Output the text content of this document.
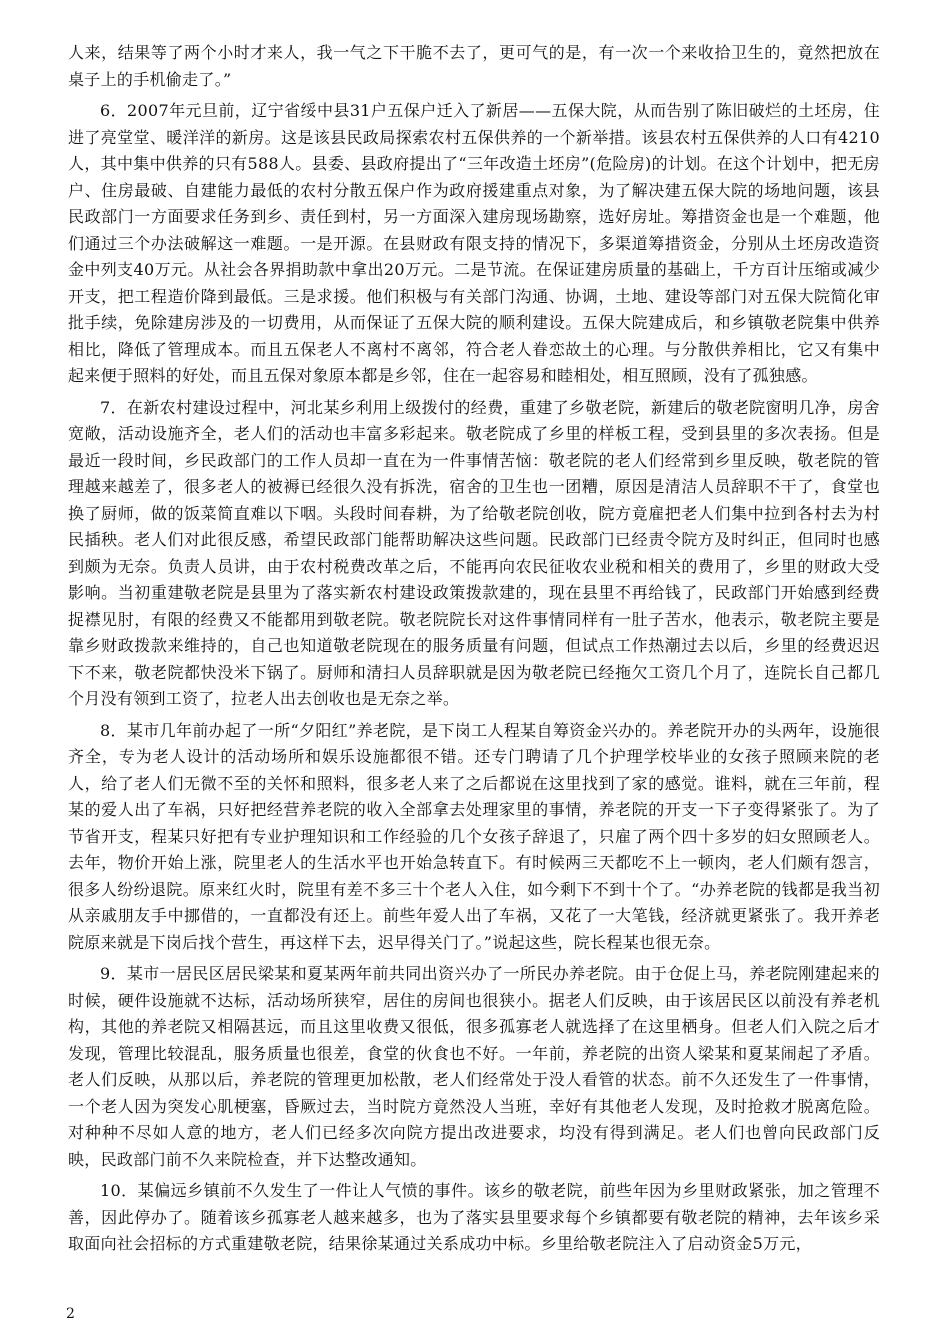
人来，结果等了两个小时才来人，我一气之下干脆不去了，更可气的是，有一次一个来收拾卫生的，竟然把放在桌子上的手机偷走了。”

6．2007年元旦前，辽宁省绥中县31户五保户迁入了新居——五保大院，从而告别了陈旧破烂的土坯房，住进了亮堂堂、暖洋洋的新房。这是该县民政局探索农村五保供养的一个新举措。该县农村五保供养的人口有4210人，其中集中供养的只有588人。县委、县政府提出了“三年改造土坯房”(危险房)的计划。在这个计划中，把无房户、住房最破、自建能力最低的农村分散五保户作为政府援建重点对象，为了解决建五保大院的场地问题，该县民政部门一方面要求任务到乡、责任到村，另一方面深入建房现场勘察，选好房址。筹措资金也是一个难题，他们通过三个办法破解这一难题。一是开源。在县财政有限支持的情况下，多渠道筹措资金，分别从土坯房改造资金中列支40万元。从社会各界捐助款中拿出20万元。二是节流。在保证建房质量的基础上，千方百计压缩或减少开支，把工程造价降到最低。三是求援。他们积极与有关部门沟通、协调，土地、建设等部门对五保大院简化审批手续，免除建房涉及的一切费用，从而保证了五保大院的顺利建设。五保大院建成后，和乡镇敬老院集中供养相比，降低了管理成本。而且五保老人不离村不离邻，符合老人眷恋故土的心理。与分散供养相比，它又有集中起来便于照料的好处，而且五保对象原本都是乡邻，住在一起容易和睦相处，相互照顾，没有了孤独感。

7．在新农村建设过程中，河北某乡利用上级拨付的经费，重建了乡敬老院，新建后的敬老院窗明几净，房舍宽敞，活动设施齐全，老人们的活动也丰富多彩起来。敬老院成了乡里的样板工程，受到县里的多次表扬。但是最近一段时间，乡民政部门的工作人员却一直在为一件事情苦恼：敬老院的老人们经常到乡里反映，敬老院的管理越来越差了，很多老人的被褥已经很久没有拆洗，宿舍的卫生也一团糟，原因是清洁人员辞职不干了，食堂也换了厨师，做的饭菜简直难以下咽。头段时间春耕，为了给敬老院创收，院方竟雇把老人们集中拉到各村去为村民插秧。老人们对此很反感，希望民政部门能帮助解决这些问题。民政部门已经责令院方及时纠正，但同时也感到颇为无奈。负责人员讲，由于农村税费改革之后，不能再向农民征收农业税和相关的费用了，乡里的财政大受影响。当初重建敬老院是县里为了落实新农村建设政策拨款建的，现在县里不再给钱了，民政部门开始感到经费捉襟见肘，有限的经费又不能都用到敬老院。敬老院院长对这件事情同样有一肚子苦水，他表示，敬老院主要是靠乡财政拨款来维持的，自己也知道敬老院现在的服务质量有问题，但试点工作热潮过去以后，乡里的经费迟迟下不来，敬老院都快没米下锅了。厨师和清扫人员辞职就是因为敬老院已经拖欠工资几个月了，连院长自己都几个月没有领到工资了，拉老人出去创收也是无奈之举。

8．某市几年前办起了一所“夕阳红”养老院，是下岗工人程某自筹资金兴办的。养老院开办的头两年，设施很齐全，专为老人设计的活动场所和娱乐设施都很不错。还专门聘请了几个护理学校毕业的女孩子照顾来院的老人，给了老人们无微不至的关怀和照料，很多老人来了之后都说在这里找到了家的感觉。谁料，就在三年前，程某的爱人出了车祸，只好把经营养老院的收入全部拿去处理家里的事情，养老院的开支一下子变得紧张了。为了节省开支，程某只好把有专业护理知识和工作经验的几个女孩子辞退了，只雇了两个四十多岁的妇女照顾老人。去年，物价开始上涨，院里老人的生活水平也开始急转直下。有时候两三天都吃不上一顿肉，老人们颇有怨言，很多人纷纷退院。原来红火时，院里有差不多三十个老人入住，如今剩下不到十个了。“办养老院的钱都是我当初从亲戚朋友手中挪借的，一直都没有还上。前些年爱人出了车祸，又花了一大笔钱，经济就更紧张了。我开养老院原来就是下岗后找个营生，再这样下去，迟早得关门了。”说起这些，院长程某也很无奈。

9．某市一居民区居民梁某和夏某两年前共同出资兴办了一所民办养老院。由于仓促上马，养老院刚建起来的时候，硬件设施就不达标，活动场所狭窄，居住的房间也很狭小。据老人们反映，由于该居民区以前没有养老机构，其他的养老院又相隔甚远，而且这里收费又很低，很多孤寡老人就选择了在这里栖身。但老人们入院之后才发现，管理比较混乱，服务质量也很差，食堂的伙食也不好。一年前，养老院的出资人梁某和夏某闹起了矛盾。老人们反映，从那以后，养老院的管理更加松散，老人们经常处于没人看管的状态。前不久还发生了一件事情，一个老人因为突发心肌梗塞，昏厥过去，当时院方竟然没人当班，幸好有其他老人发现，及时抢救才脱离危险。对种种不尽如人意的地方，老人们已经多次向院方提出改进要求，均没有得到满足。老人们也曾向民政部门反映，民政部门前不久来院检查，并下达整改通知。

10．某偏远乡镇前不久发生了一件让人气愤的事件。该乡的敬老院，前些年因为乡里财政紧张，加之管理不善，因此停办了。随着该乡孤寡老人越来越多，也为了落实县里要求每个乡镇都要有敬老院的精神，去年该乡采取面向社会招标的方式重建敬老院，结果徐某通过关系成功中标。乡里给敬老院注入了启动资金5万元，

2
